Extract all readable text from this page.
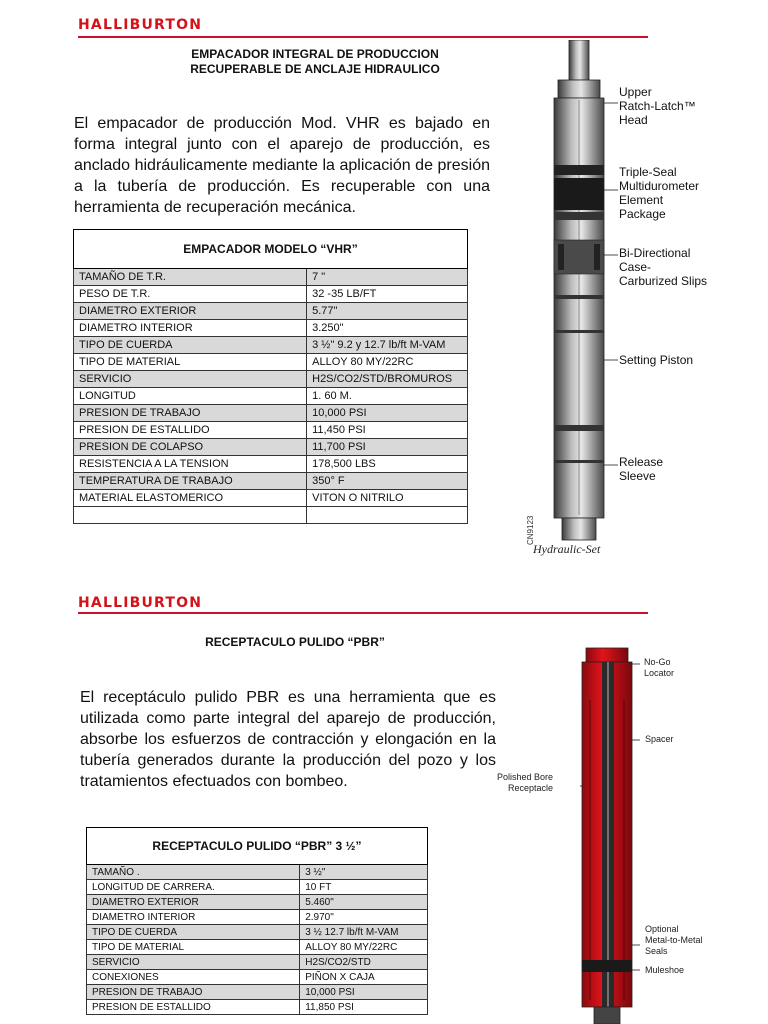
HALLIBURTON
EMPACADOR INTEGRAL DE PRODUCCION
RECUPERABLE DE ANCLAJE HIDRAULICO
El empacador de producción Mod. VHR es bajado en forma integral junto con el aparejo de producción, es anclado hidráulicamente mediante la aplicación de presión a la tubería de producción. Es recuperable con una herramienta de recuperación mecánica.
EMPACADOR MODELO “VHR”	
TAMAÑO DE T.R.	7 "
PESO DE T.R.	32 -35 LB/FT
DIAMETRO EXTERIOR	5.77"
DIAMETRO INTERIOR	3.250"
TIPO DE CUERDA	3 ½" 9.2 y 12.7 lb/ft M-VAM
TIPO DE MATERIAL	ALLOY 80 MY/22RC
SERVICIO	H2S/CO2/STD/BROMUROS
LONGITUD	1. 60 M.
PRESION DE TRABAJO	10,000 PSI
PRESION DE ESTALLIDO	11,450 PSI
PRESION DE COLAPSO	11,700 PSI
RESISTENCIA A LA TENSION	178,500 LBS
TEMPERATURA DE TRABAJO	350° F
MATERIAL ELASTOMERICO	VITON O NITRILO

CN9123
Upper
Ratch-Latch™
Head
Triple-Seal
Multidurometer
Element
Package
Bi-Directional
Case-
Carburized Slips
Setting Piston
Release
Sleeve
Hydraulic-Set
HALLIBURTON
RECEPTACULO PULIDO “PBR”
El receptáculo pulido PBR es una herramienta que es utilizada como parte integral del aparejo de producción, absorbe los esfuerzos de contracción y elongación en la tubería generados durante la producción del pozo y los tratamientos efectuados con bombeo.
RECEPTACULO PULIDO “PBR” 3 ½”	
TAMAÑO .	3 ½"
LONGITUD DE CARRERA.	10 FT
DIAMETRO EXTERIOR	5.460"
DIAMETRO INTERIOR	2.970"
TIPO DE CUERDA	3 ½ 12.7 lb/ft M-VAM
TIPO DE MATERIAL	ALLOY 80 MY/22RC
SERVICIO	H2S/CO2/STD
CONEXIONES	PIÑON X CAJA
PRESION DE TRABAJO	10,000 PSI
PRESION DE ESTALLIDO	11,850 PSI
Polished Bore
Receptacle
No-Go
Locator
Spacer
Optional
Metal-to-Metal
Seals
Muleshoe
